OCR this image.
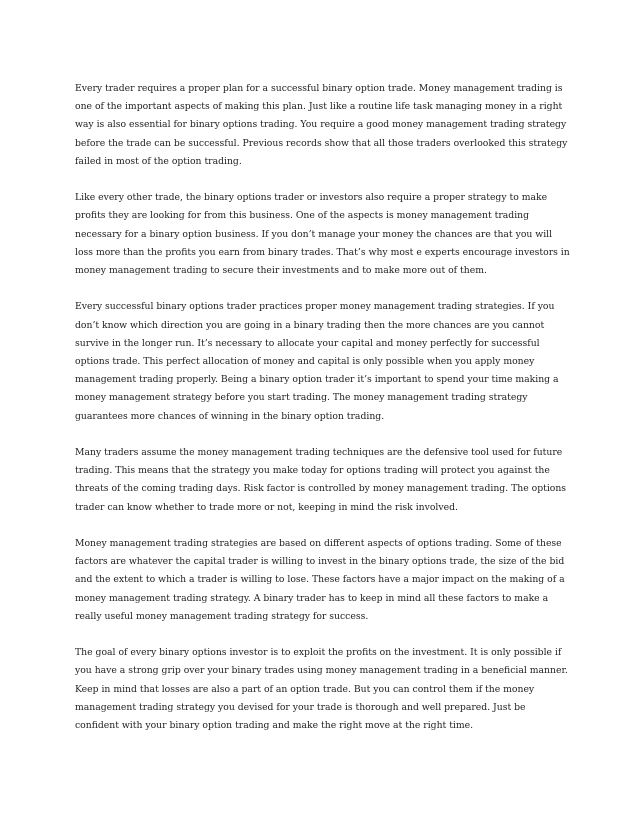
Every trader requires a proper plan for a successful binary option trade. Money management trading is one of the important aspects of making this plan. Just like a routine life task managing money in a right way is also essential for binary options trading. You require a good money management trading strategy before the trade can be successful. Previous records show that all those traders overlooked this strategy failed in most of the option trading.

Like every other trade, the binary options trader or investors also require a proper strategy to make profits they are looking for from this business. One of the aspects is money management trading necessary for a binary option business. If you don’t manage your money the chances are that you will loss more than the profits you earn from binary trades. That’s why most e experts encourage investors in money management trading to secure their investments and to make more out of them.

Every successful binary options trader practices proper money management trading strategies. If you don’t know which direction you are going in a binary trading then the more chances are you cannot survive in the longer run. It’s necessary to allocate your capital and money perfectly for successful options trade. This perfect allocation of money and capital is only possible when you apply money management trading properly. Being a binary option trader it’s important to spend your time making a money management strategy before you start trading. The money management trading strategy guarantees more chances of winning in the binary option trading.

Many traders assume the money management trading techniques are the defensive tool used for future trading. This means that the strategy you make today for options trading will protect you against the threats of the coming trading days. Risk factor is controlled by money management trading. The options trader can know whether to trade more or not, keeping in mind the risk involved.

Money management trading strategies are based on different aspects of options trading. Some of these factors are whatever the capital trader is willing to invest in the binary options trade, the size of the bid and the extent to which a trader is willing to lose. These factors have a major impact on the making of a money management trading strategy. A binary trader has to keep in mind all these factors to make a really useful money management trading strategy for success.

The goal of every binary options investor is to exploit the profits on the investment. It is only possible if you have a strong grip over your binary trades using money management trading in a beneficial manner. Keep in mind that losses are also a part of an option trade. But you can control them if the money management trading strategy you devised for your trade is thorough and well prepared. Just be confident with your binary option trading and make the right move at the right time.
